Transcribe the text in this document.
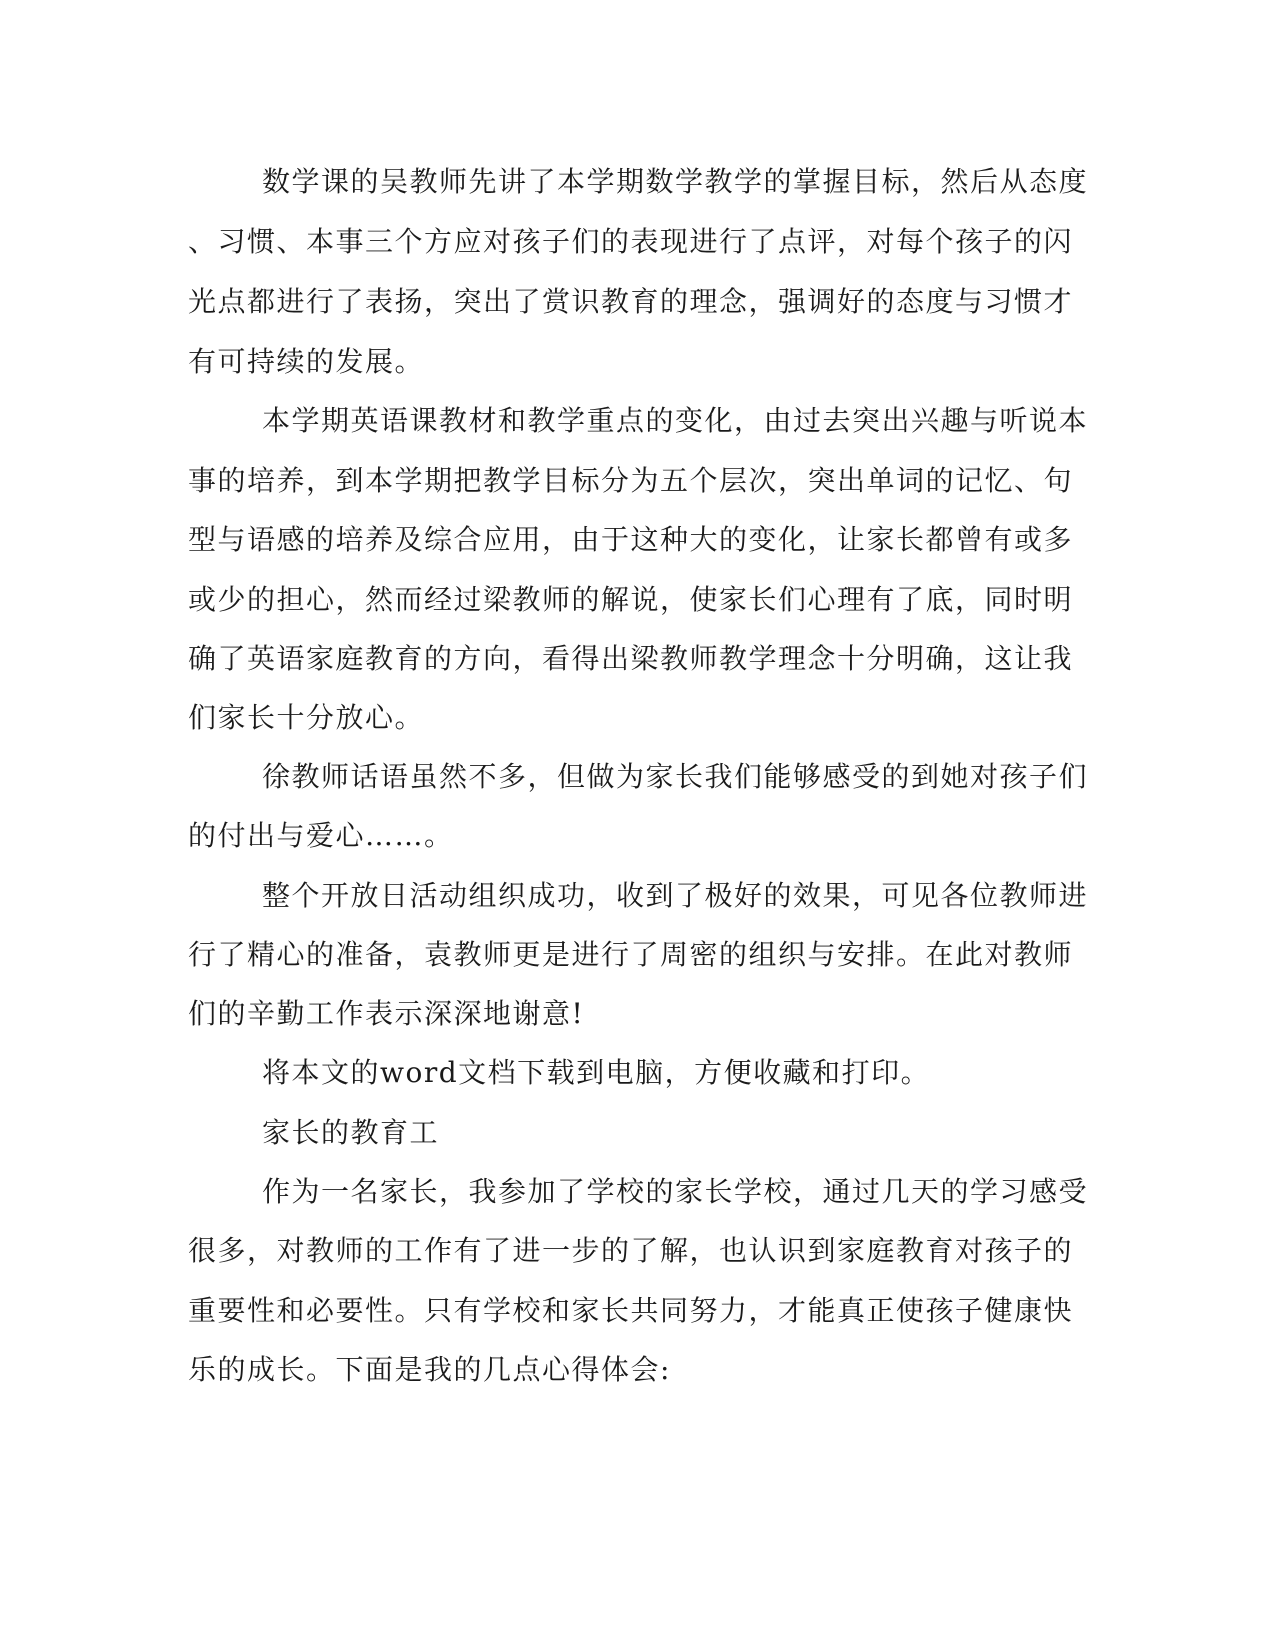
数学课的吴教师先讲了本学期数学教学的掌握目标，然后从态度

、习惯、本事三个方应对孩子们的表现进行了点评，对每个孩子的闪

光点都进行了表扬，突出了赏识教育的理念，强调好的态度与习惯才

有可持续的发展。

本学期英语课教材和教学重点的变化，由过去突出兴趣与听说本

事的培养，到本学期把教学目标分为五个层次，突出单词的记忆、句

型与语感的培养及综合应用，由于这种大的变化，让家长都曾有或多

或少的担心，然而经过梁教师的解说，使家长们心理有了底，同时明

确了英语家庭教育的方向，看得出梁教师教学理念十分明确，这让我

们家长十分放心。

徐教师话语虽然不多，但做为家长我们能够感受的到她对孩子们

的付出与爱心……。

整个开放日活动组织成功，收到了极好的效果，可见各位教师进

行了精心的准备，袁教师更是进行了周密的组织与安排。在此对教师

们的辛勤工作表示深深地谢意!

将本文的word文档下载到电脑，方便收藏和打印。

家长的教育工

作为一名家长，我参加了学校的家长学校，通过几天的学习感受

很多，对教师的工作有了进一步的了解，也认识到家庭教育对孩子的

重要性和必要性。只有学校和家长共同努力，才能真正使孩子健康快

乐的成长。下面是我的几点心得体会:
